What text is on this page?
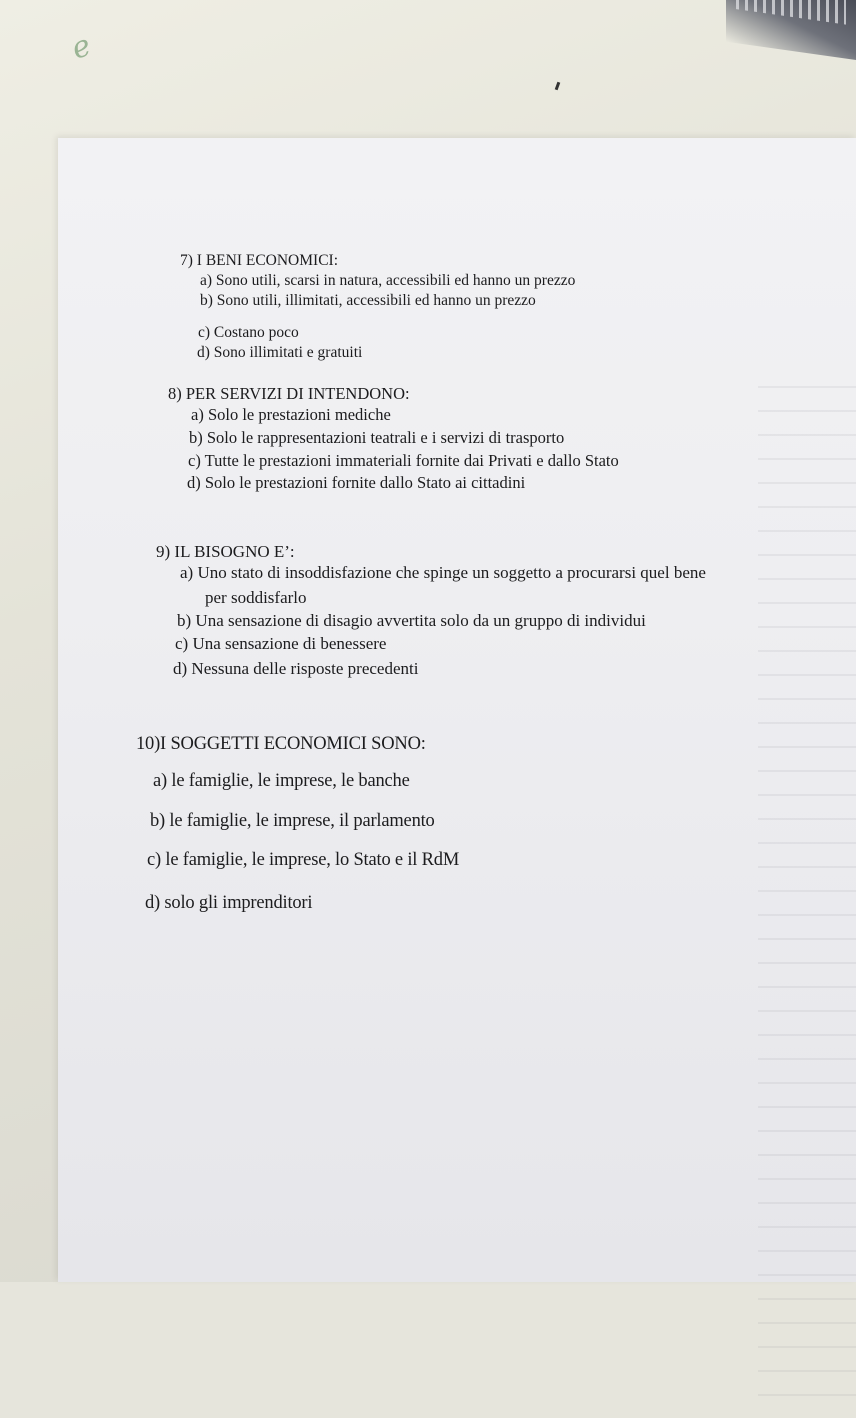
ℯ
7) I BENI ECONOMICI:
a) Sono utili, scarsi in natura, accessibili ed hanno un prezzo
b) Sono utili, illimitati, accessibili ed hanno un prezzo
c) Costano poco
d) Sono illimitati e gratuiti
8) PER SERVIZI DI INTENDONO:
a) Solo le prestazioni mediche
b) Solo le rappresentazioni teatrali e i servizi di trasporto
c) Tutte le prestazioni immateriali fornite dai Privati e dallo Stato
d) Solo le prestazioni fornite dallo Stato ai cittadini
9) IL BISOGNO E’:
a) Uno stato di insoddisfazione che spinge un soggetto a procurarsi quel bene
per soddisfarlo
b) Una sensazione di disagio avvertita solo da un gruppo di individui
c) Una sensazione di benessere
d) Nessuna delle risposte precedenti
10)I SOGGETTI ECONOMICI SONO:
a) le famiglie, le imprese, le banche
b) le famiglie, le imprese, il parlamento
c) le famiglie, le imprese, lo Stato e il RdM
d) solo gli imprenditori
